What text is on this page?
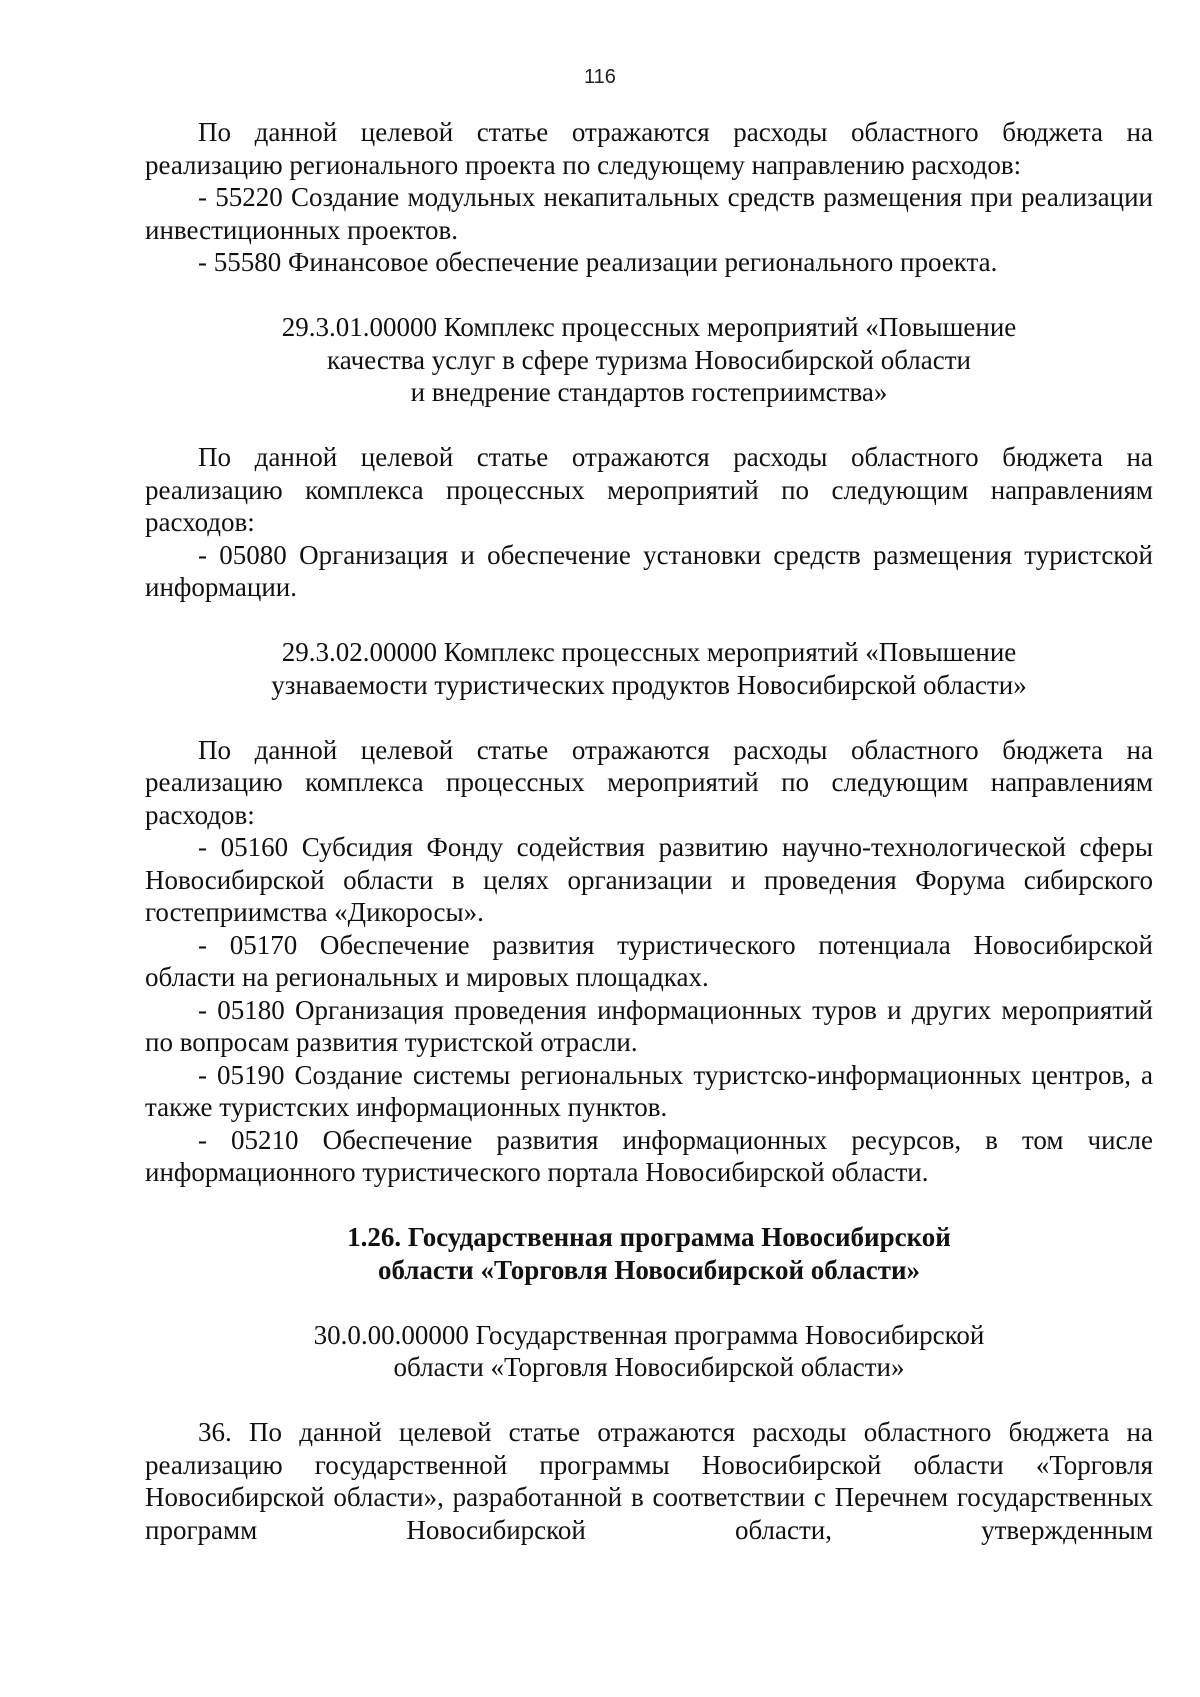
116

По данной целевой статье отражаются расходы областного бюджета на реализацию регионального проекта по следующему направлению расходов:

- 55220 Создание модульных некапитальных средств размещения при реализации инвестиционных проектов.

- 55580 Финансовое обеспечение реализации регионального проекта.

29.3.01.00000 Комплекс процессных мероприятий «Повышение

качества услуг в сфере туризма Новосибирской области

и внедрение стандартов гостеприимства»

По данной целевой статье отражаются расходы областного бюджета на реализацию комплекса процессных мероприятий по следующим направлениям расходов:

- 05080 Организация и обеспечение установки средств размещения туристской информации.

29.3.02.00000 Комплекс процессных мероприятий «Повышение

узнаваемости туристических продуктов Новосибирской области»

По данной целевой статье отражаются расходы областного бюджета на реализацию комплекса процессных мероприятий по следующим направлениям расходов:

- 05160 Субсидия Фонду содействия развитию научно-технологической сферы Новосибирской области в целях организации и проведения Форума сибирского гостеприимства «Дикоросы».

- 05170 Обеспечение развития туристического потенциала Новосибирской области на региональных и мировых площадках.

- 05180 Организация проведения информационных туров и других мероприятий по вопросам развития туристской отрасли.

- 05190 Создание системы региональных туристско-информационных центров, а также туристских информационных пунктов.

- 05210 Обеспечение развития информационных ресурсов, в том числе информационного туристического портала Новосибирской области.

1.26. Государственная программа Новосибирской

области «Торговля Новосибирской области»

30.0.00.00000 Государственная программа Новосибирской

области «Торговля Новосибирской области»

36. По данной целевой статье отражаются расходы областного бюджета на реализацию государственной программы Новосибирской области «Торговля Новосибирской области», разработанной в соответствии с Перечнем государственных программ Новосибирской области, утвержденным
